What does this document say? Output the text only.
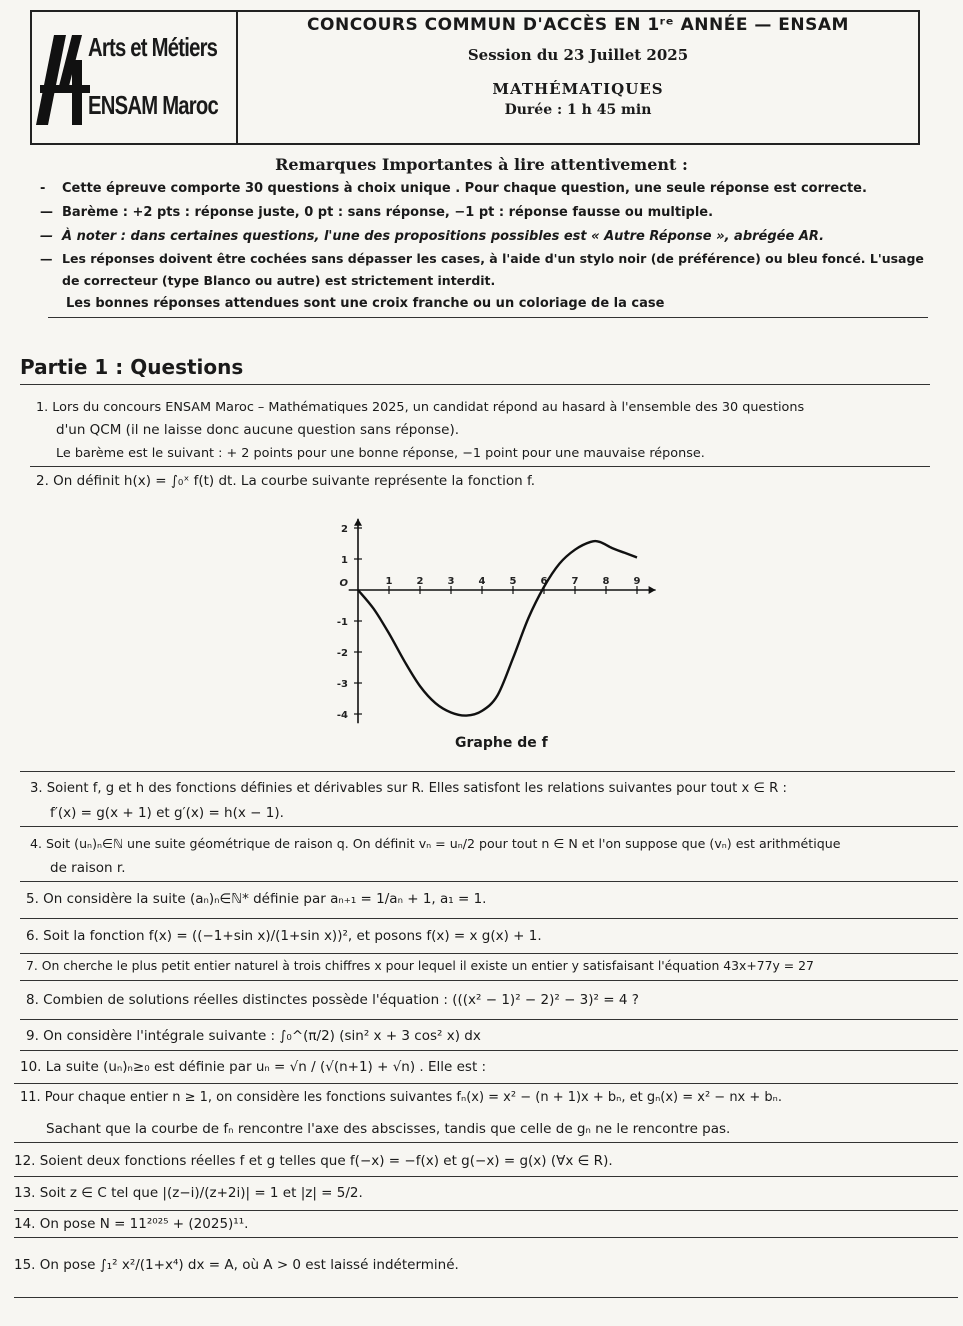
Arts et Métiers
ENSAM Maroc
CONCOURS COMMUN D'ACCÈS EN 1ʳᵉ ANNÉE — ENSAM
Session du 23 Juillet 2025
MATHÉMATIQUES
Durée : 1 h 45 min
Remarques Importantes à lire attentivement :
- Cette épreuve comporte 30 questions à choix unique . Pour chaque question, une seule réponse est correcte.
— Barème : +2 pts : réponse juste, 0 pt : sans réponse, −1 pt : réponse fausse ou multiple.
— À noter : dans certaines questions, l'une des propositions possibles est « Autre Réponse », abrégée AR.
— Les réponses doivent être cochées sans dépasser les cases, à l'aide d'un stylo noir (de préférence) ou bleu foncé. L'usage
de correcteur (type Blanco ou autre) est strictement interdit.
Les bonnes réponses attendues sont une croix franche ou un coloriage de la case
Partie 1 : Questions
1. Lors du concours ENSAM Maroc – Mathématiques 2025, un candidat répond au hasard à l'ensemble des 30 questions
d'un QCM (il ne laisse donc aucune question sans réponse).
Le barème est le suivant : + 2 points pour une bonne réponse, −1 point pour une mauvaise réponse.
2. On définit h(x) = ∫₀ˣ f(t) dt. La courbe suivante représente la fonction f.
1 2 3 4 5 6 7 8 9
2
1
-1
-2
-3
-4
O
Graphe de f
3. Soient f, g et h des fonctions définies et dérivables sur R. Elles satisfont les relations suivantes pour tout x ∈ R :
f′(x) = g(x + 1) et g′(x) = h(x − 1).
4. Soit (uₙ)ₙ∈ℕ une suite géométrique de raison q. On définit vₙ = uₙ/2 pour tout n ∈ N et l'on suppose que (vₙ) est arithmétique
de raison r.
5. On considère la suite (aₙ)ₙ∈ℕ* définie par aₙ₊₁ = 1/aₙ + 1, a₁ = 1.
6. Soit la fonction f(x) = ((−1+sin x)/(1+sin x))², et posons f(x) = x g(x) + 1.
7. On cherche le plus petit entier naturel à trois chiffres x pour lequel il existe un entier y satisfaisant l'équation 43x+77y = 27
8. Combien de solutions réelles distinctes possède l'équation : (((x² − 1)² − 2)² − 3)² = 4 ?
9. On considère l'intégrale suivante : ∫₀^(π/2) (sin² x + 3 cos² x) dx
10. La suite (uₙ)ₙ≥₀ est définie par uₙ = √n / (√(n+1) + √n) . Elle est :
11. Pour chaque entier n ≥ 1, on considère les fonctions suivantes fₙ(x) = x² − (n + 1)x + bₙ, et gₙ(x) = x² − nx + bₙ.
Sachant que la courbe de fₙ rencontre l'axe des abscisses, tandis que celle de gₙ ne le rencontre pas.
12. Soient deux fonctions réelles f et g telles que f(−x) = −f(x) et g(−x) = g(x) (∀x ∈ R).
13. Soit z ∈ C tel que |(z−i)/(z+2i)| = 1 et |z| = 5/2.
14. On pose N = 11²⁰²⁵ + (2025)¹¹.
15. On pose ∫₁² x²/(1+x⁴) dx = A, où A > 0 est laissé indéterminé.
